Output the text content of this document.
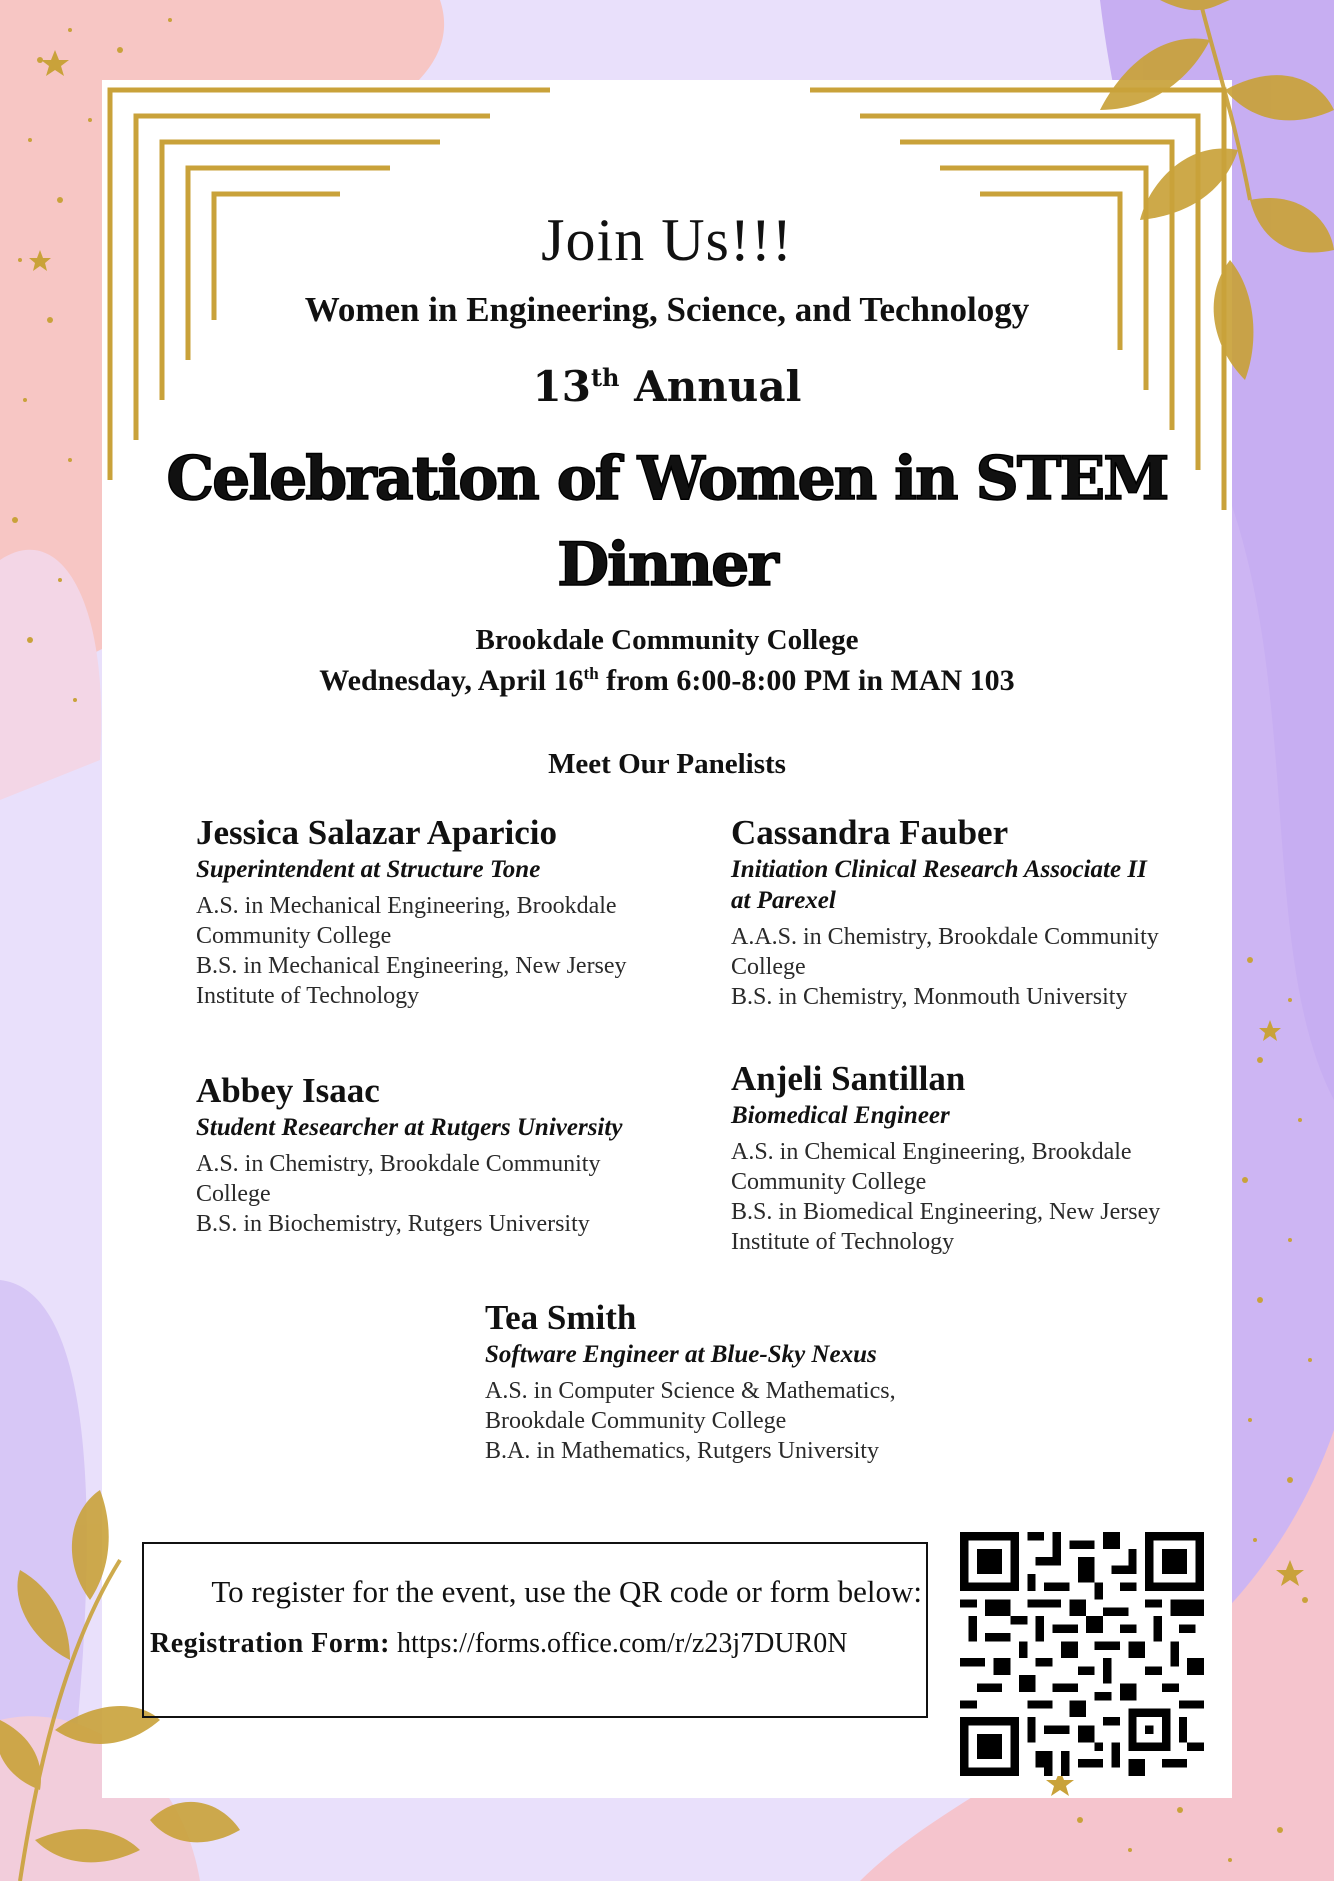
Join Us!!!

Women in Engineering, Science, and Technology

13th Annual

Celebration of Women in STEM

Dinner

Brookdale Community College

Wednesday, April 16th from 6:00-8:00 PM in MAN 103

Meet Our Panelists

Jessica Salazar Aparicio

Superintendent at Structure Tone

A.S. in Mechanical Engineering, Brookdale
Community College
B.S. in Mechanical Engineering, New Jersey
Institute of Technology

Cassandra Fauber

Initiation Clinical Research Associate II

at Parexel

A.A.S. in Chemistry, Brookdale Community
College
B.S. in Chemistry, Monmouth University

Abbey Isaac

Student Researcher at Rutgers University

A.S. in Chemistry, Brookdale Community
College
B.S. in Biochemistry, Rutgers University

Anjeli Santillan

Biomedical Engineer

A.S. in Chemical Engineering, Brookdale
Community College
B.S. in Biomedical Engineering, New Jersey
Institute of Technology

Tea Smith

Software Engineer at Blue-Sky Nexus

A.S. in Computer Science & Mathematics,
Brookdale Community College
B.A. in Mathematics, Rutgers University

To register for the event, use the QR code or form below:

Registration Form: https://forms.office.com/r/z23j7DUR0N
